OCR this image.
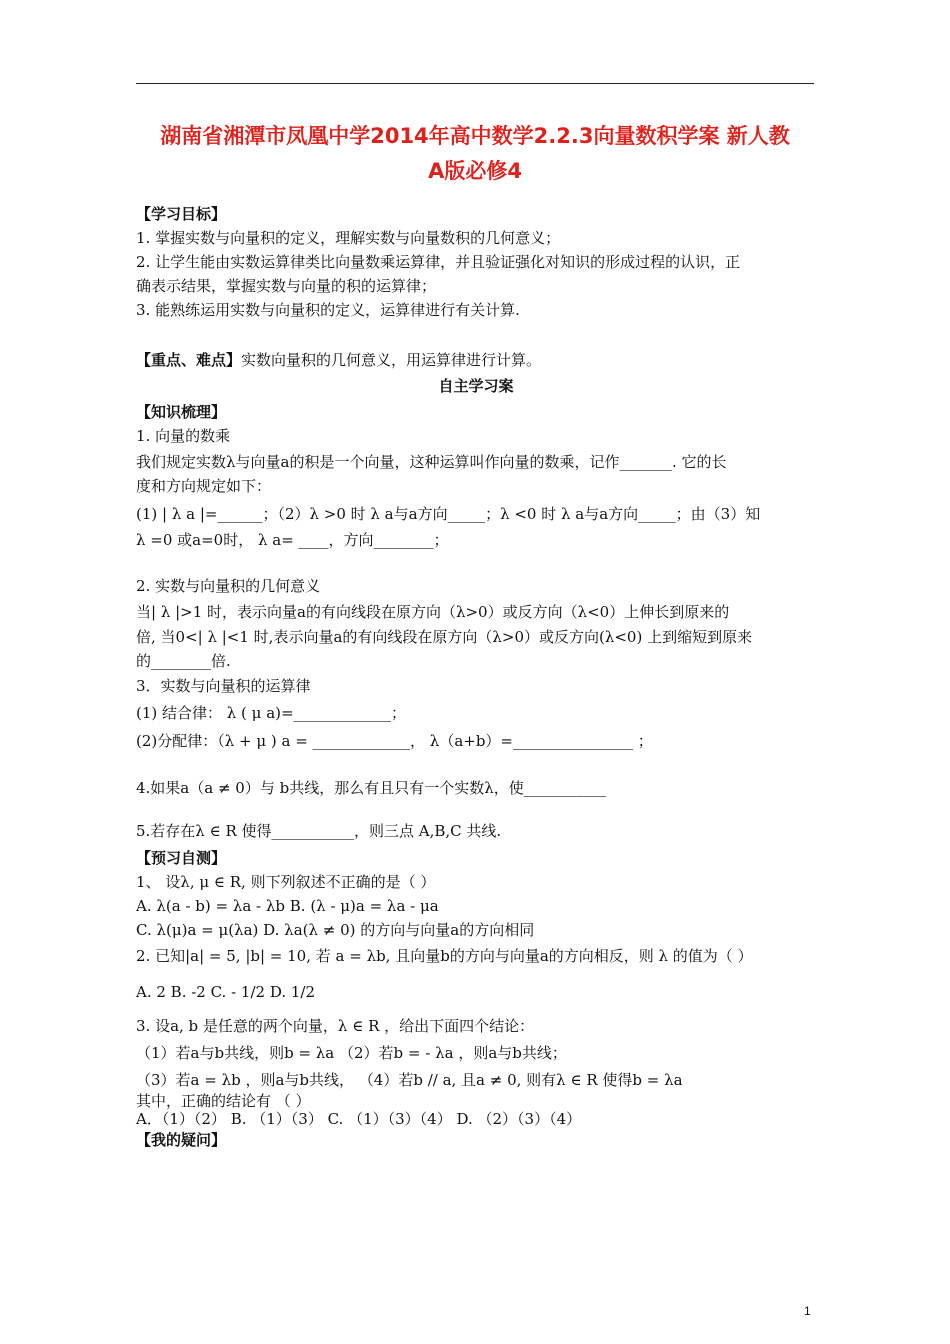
湖南省湘潭市凤凰中学2014年高中数学2.2.3向量数积学案 新人教
A版必修4
【学习目标】
1. 掌握实数与向量积的定义，理解实数与向量数积的几何意义；
2. 让学生能由实数运算律类比向量数乘运算律，并且验证强化对知识的形成过程的认识，正
确表示结果，掌握实数与向量的积的运算律；
3. 能熟练运用实数与向量积的定义，运算律进行有关计算.
【重点、难点】实数向量积的几何意义，用运算律进行计算。
自主学习案
【知识梳理】
1. 向量的数乘
我们规定实数λ与向量a的积是一个向量，这种运算叫作向量的数乘，记作_______. 它的长
度和方向规定如下：
(1) | λ a |=______；（2）λ >0 时 λ a与a方向_____；λ <0 时 λ a与a方向_____；由（3）知
λ =0 或a=0时， λ a= ____，方向________；
2. 实数与向量积的几何意义
当| λ |>1 时，表示向量a的有向线段在原方向（λ>0）或反方向（λ<0）上伸长到原来的
倍, 当0<| λ |<1 时,表示向量a的有向线段在原方向（λ>0）或反方向(λ<0) 上到缩短到原来
的________倍.
3．实数与向量积的运算律
(1) 结合律： λ ( μ a)=_____________；
(2)分配律：（λ + μ ) a = _____________， λ（a+b）=________________ ；
4.如果a（a ≠ 0）与 b共线，那么有且只有一个实数λ，使___________
5.若存在λ ∈ R 使得___________，则三点 A,B,C 共线.
【预习自测】
1、 设λ, μ ∈ R, 则下列叙述不正确的是（ ）
A. λ(a - b) = λa - λb B. (λ - μ)a = λa - μa
C. λ(μ)a = μ(λa) D. λa(λ ≠ 0) 的方向与向量a的方向相同
2. 已知|a| = 5, |b| = 10, 若 a = λb, 且向量b的方向与向量a的方向相反，则 λ 的值为（ ）
A. 2 B. -2 C. - 1/2 D. 1/2
3. 设a, b 是任意的两个向量，λ ∈ R ，给出下面四个结论：
（1）若a与b共线，则b = λa （2）若b = - λa ，则a与b共线；
（3）若a = λb ，则a与b共线， （4）若b // a, 且a ≠ 0, 则有λ ∈ R 使得b = λa
其中，正确的结论有 （ ）
A．（1）（2） B. （1）（3） C. （1）（3）（4） D. （2）（3）（4）
【我的疑问】
1
